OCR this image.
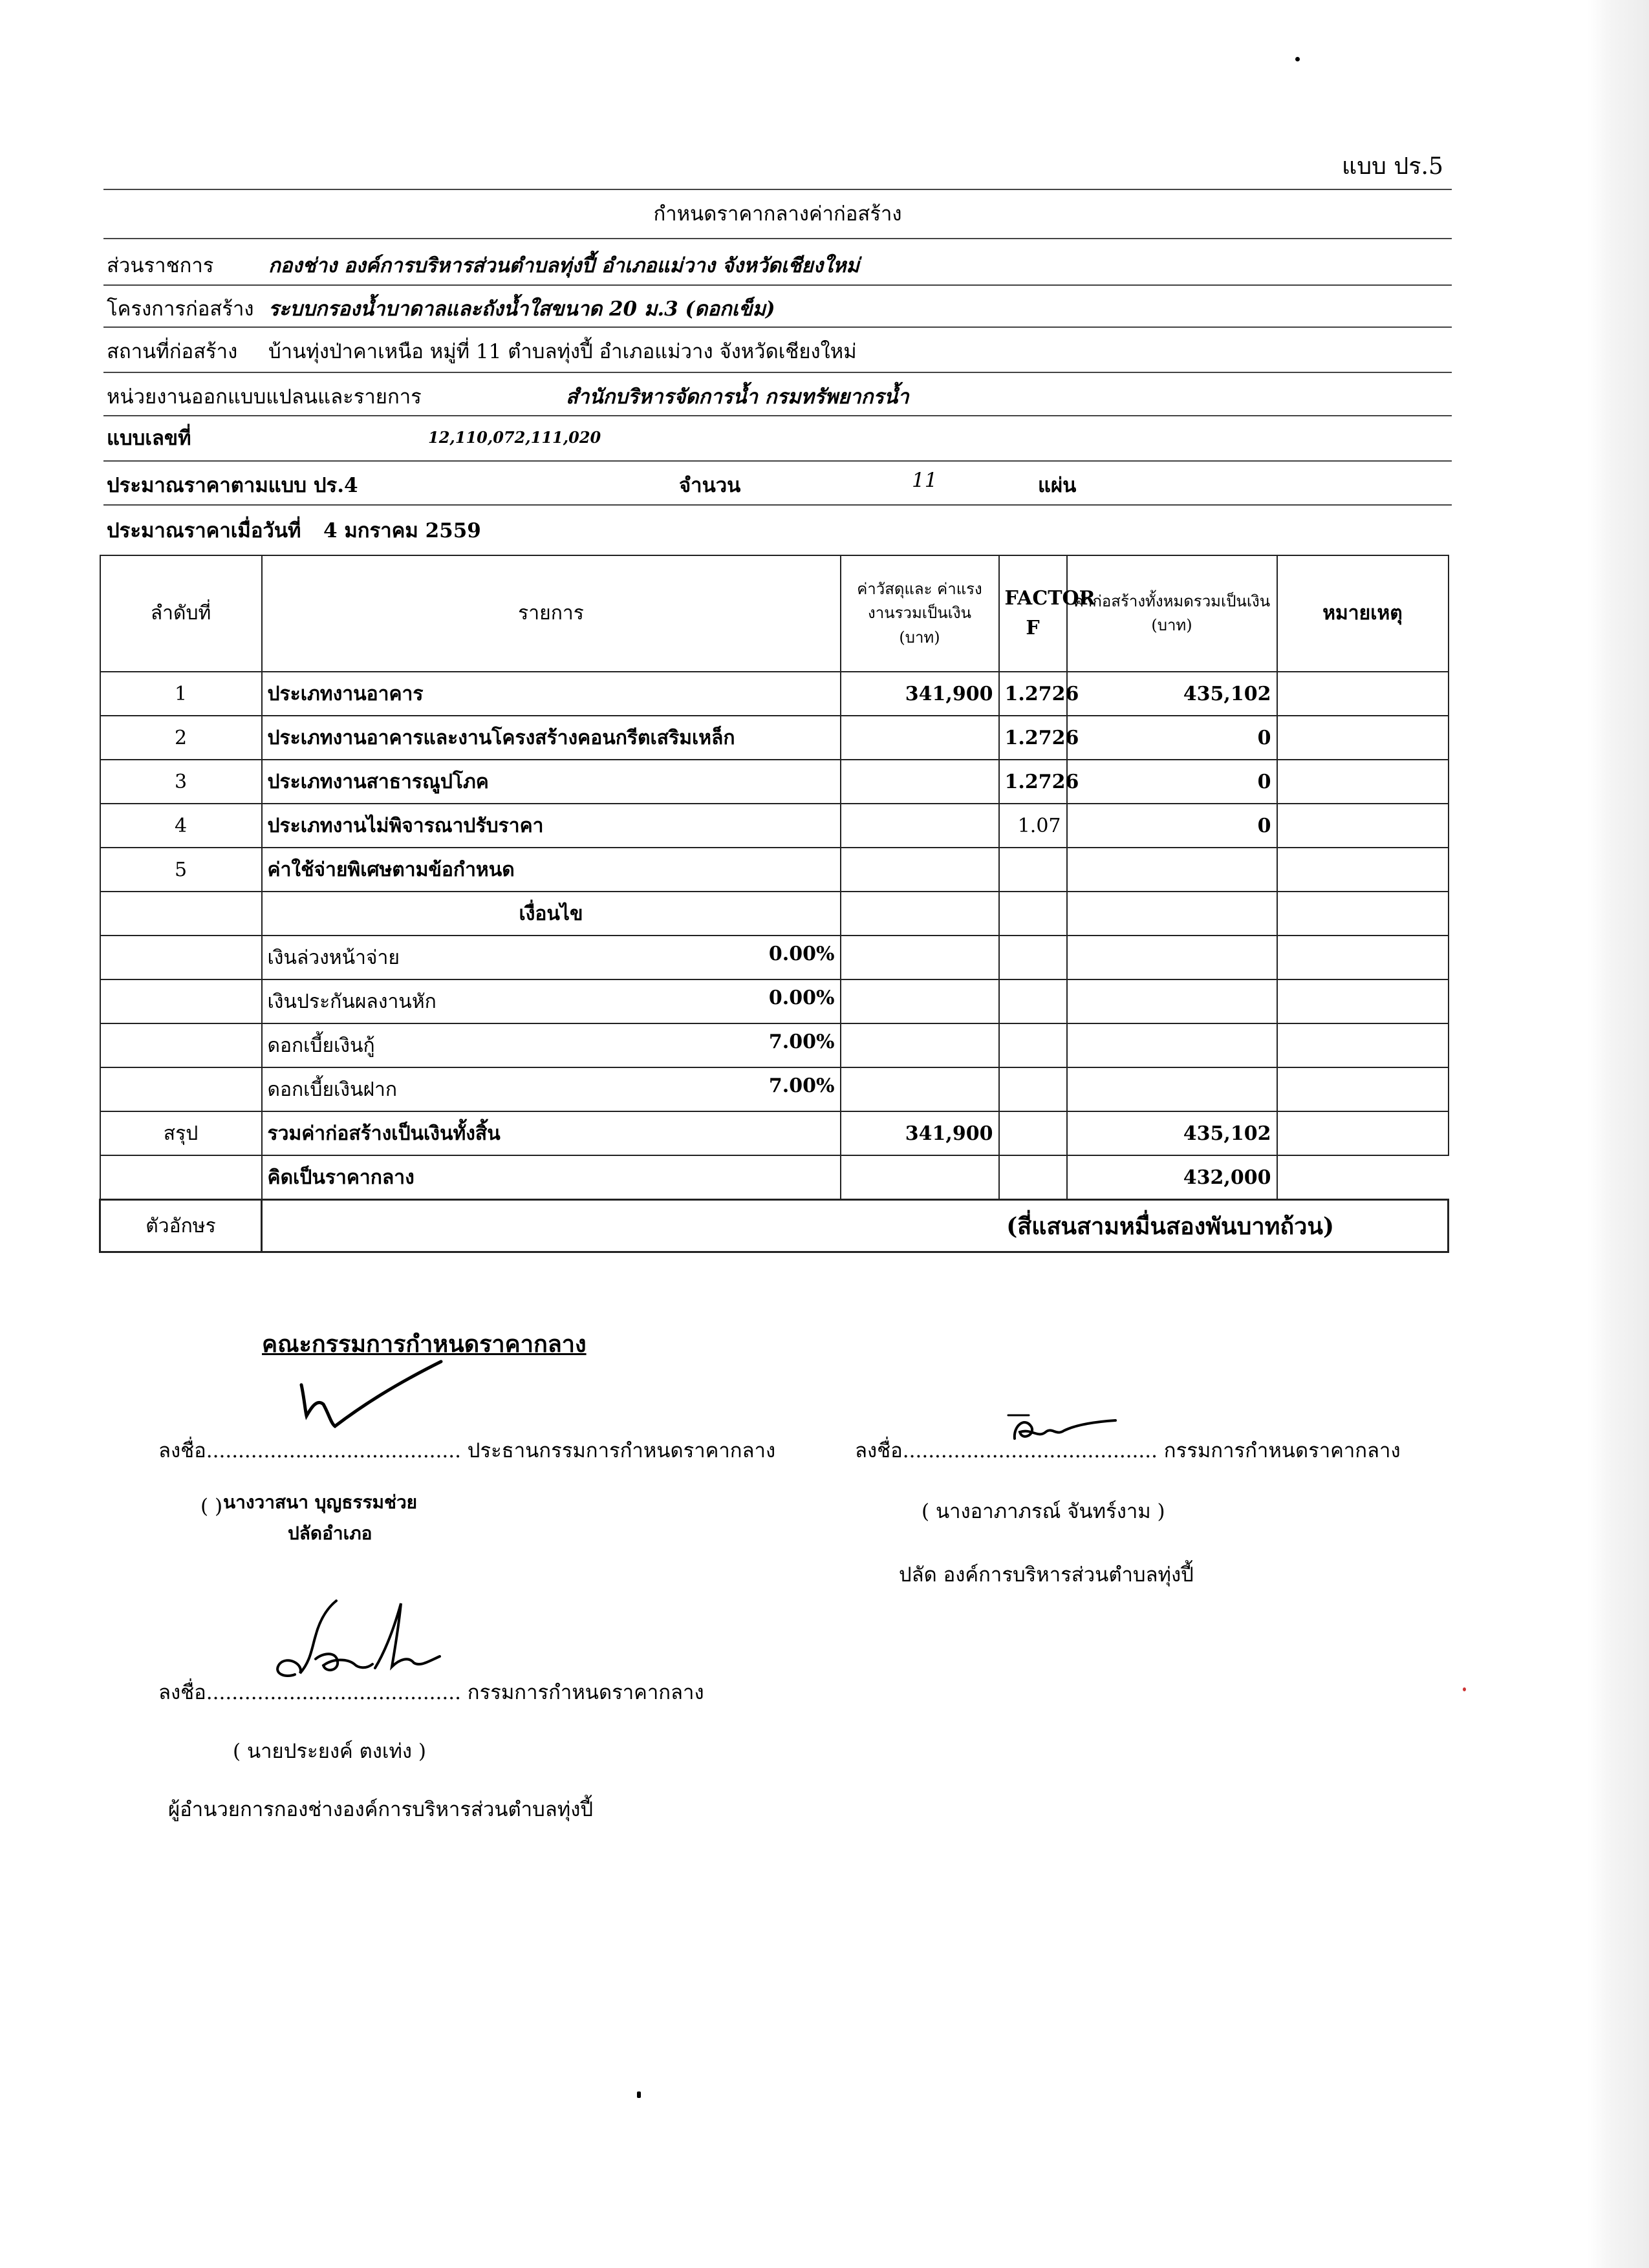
แบบ ปร.5
กำหนดราคากลางค่าก่อสร้าง
ส่วนราชการ	กองช่าง องค์การบริหารส่วนตำบลทุ่งปี้ อำเภอแม่วาง จังหวัดเชียงใหม่
โครงการก่อสร้าง ระบบกรองน้ำบาดาลและถังน้ำใสขนาด 20 ม.3 (ดอกเข็ม)
สถานที่ก่อสร้าง บ้านทุ่งป่าคาเหนือ หมู่ที่ 11 ตำบลทุ่งปี้ อำเภอแม่วาง จังหวัดเชียงใหม่
หน่วยงานออกแบบแปลนและรายการ	สำนักบริหารจัดการน้ำ กรมทรัพยากรน้ำ
แบบเลขที่	12,110,072,111,020
ประมาณราคาตามแบบ ปร.4	จำนวน	11	แผ่น
ประมาณราคาเมื่อวันที่ 4 มกราคม 2559
ลำดับที่	รายการ	ค่าวัสดุและ ค่าแรงงานรวมเป็นเงิน (บาท)	FACTOR F	ค่าก่อสร้างทั้งหมดรวมเป็นเงิน (บาท)	หมายเหตุ
1	ประเภทงานอาคาร	341,900	1.2726	435,102	
2	ประเภทงานอาคารและงานโครงสร้างคอนกรีตเสริมเหล็ก		1.2726	0	
3	ประเภทงานสาธารณูปโภค		1.2726	0	
4	ประเภทงานไม่พิจารณาปรับราคา		1.07	0	
5	ค่าใช้จ่ายพิเศษตามข้อกำหนด				
	เงื่อนไข				

	เงินล่วงหน้าจ่าย 0.00%				

	เงินประกันผลงานหัก 0.00%				

	ดอกเบี้ยเงินกู้ 7.00%				

	ดอกเบี้ยเงินฝาก 7.00%				

สรุป	รวมค่าก่อสร้างเป็นเงินทั้งสิ้น	341,900		435,102	
	คิดเป็นราคากลาง			432,000	
ตัวอักษร	(สี่แสนสามหมื่นสองพันบาทถ้วน)				
คณะกรรมการกำหนดราคากลาง
ลงชื่อ........................................ ประธานกรรมการกำหนดราคากลาง
( ) นางวาสนา บุญธรรมช่วย
ปลัดอำเภอ
ลงชื่อ........................................ กรรมการกำหนดราคากลาง
( นางอาภาภรณ์ จันทร์งาม )
ปลัด องค์การบริหารส่วนตำบลทุ่งปี้
ลงชื่อ........................................ กรรมการกำหนดราคากลาง
( นายประยงค์ ตงเท่ง )
ผู้อำนวยการกองช่างองค์การบริหารส่วนตำบลทุ่งปี้
